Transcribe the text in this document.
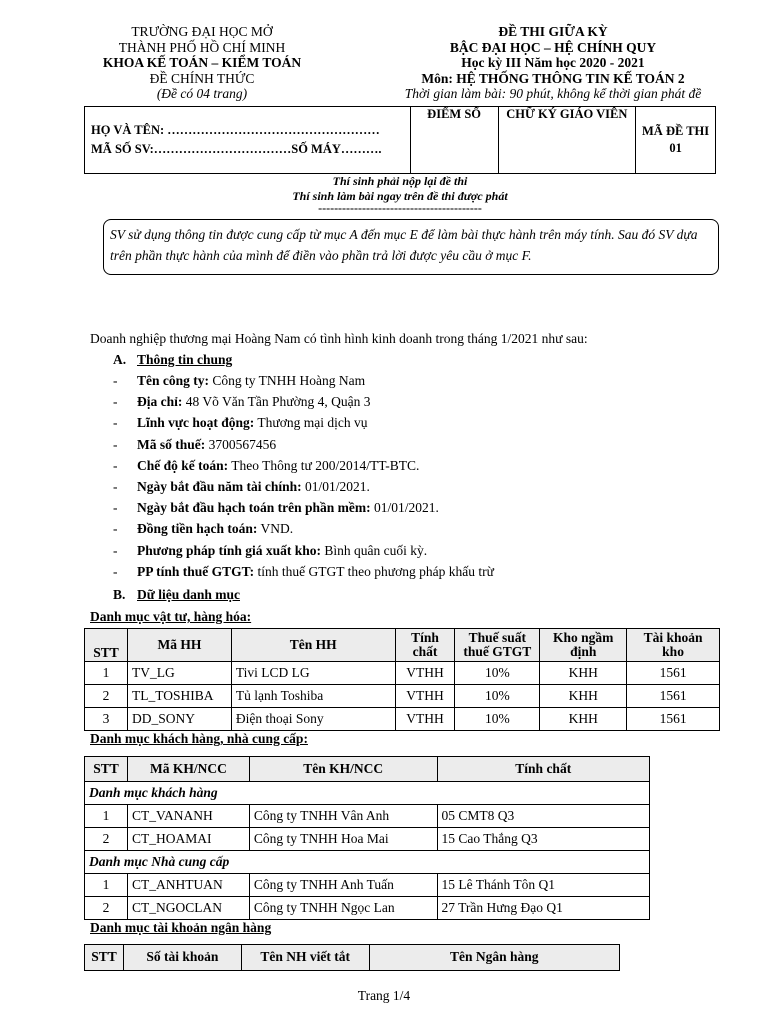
TRƯỜNG ĐẠI HỌC MỞ
THÀNH PHỐ HỒ CHÍ MINH
KHOA KẾ TOÁN – KIỂM TOÁN
ĐỀ CHÍNH THỨC
(Đề có 04 trang)
ĐỀ THI GIỮA KỲ
BẬC ĐẠI HỌC – HỆ CHÍNH QUY
Học kỳ III Năm học 2020 - 2021
Môn: HỆ THỐNG THÔNG TIN KẾ TOÁN 2
Thời gian làm bài: 90 phút, không kể thời gian phát đề
HỌ VÀ TÊN: ……………………………………………
MÃ SỐ SV:……………………………SỐ MÁY……….
	ĐIỂM SỐ	CHỮ KÝ GIÁO VIÊN	
MÃ ĐỀ THI
01
Thí sinh phải nộp lại đề thi
Thí sinh làm bài ngay trên đề thi được phát
-----------------------------------------
SV sử dụng thông tin được cung cấp từ mục A đến mục E để làm bài thực hành trên máy tính. Sau đó SV dựa trên phần thực hành của mình để điền vào phần trả lời được yêu cầu ở mục F.
Doanh nghiệp thương mại Hoàng Nam có tình hình kinh doanh trong tháng 1/2021 như sau:
A. Thông tin chung
- Tên công ty: Công ty TNHH Hoàng Nam
- Địa chỉ: 48 Võ Văn Tần Phường 4, Quận 3
- Lĩnh vực hoạt động: Thương mại dịch vụ
- Mã số thuế: 3700567456
- Chế độ kế toán: Theo Thông tư 200/2014/TT-BTC.
- Ngày bắt đầu năm tài chính: 01/01/2021.
- Ngày bắt đầu hạch toán trên phần mềm: 01/01/2021.
- Đồng tiền hạch toán: VND.
- Phương pháp tính giá xuất kho: Bình quân cuối kỳ.
- PP tính thuế GTGT: tính thuế GTGT theo phương pháp khấu trừ
B. Dữ liệu danh mục
Danh mục vật tư, hàng hóa:
STT	Mã HH	Tên HH	Tính chất	Thuế suất thuế GTGT	Kho ngầm định	Tài khoản kho
1	TV_LG	Tivi LCD LG	VTHH	10%	KHH	1561
2	TL_TOSHIBA	Tủ lạnh Toshiba	VTHH	10%	KHH	1561
3	DD_SONY	Điện thoại Sony	VTHH	10%	KHH	1561
Danh mục khách hàng, nhà cung cấp:
STT	Mã KH/NCC	Tên KH/NCC	Tính chất
Danh mục khách hàng			
1	CT_VANANH	Công ty TNHH Vân Anh	05 CMT8 Q3
2	CT_HOAMAI	Công ty TNHH Hoa Mai	15 Cao Thắng Q3
Danh mục Nhà cung cấp			
1	CT_ANHTUAN	Công ty TNHH Anh Tuấn	15 Lê Thánh Tôn Q1
2	CT_NGOCLAN	Công ty TNHH Ngọc Lan	27 Trần Hưng Đạo Q1
Danh mục tài khoản ngân hàng
STT	Số tài khoản	Tên NH viết tắt	Tên Ngân hàng
Trang 1/4
